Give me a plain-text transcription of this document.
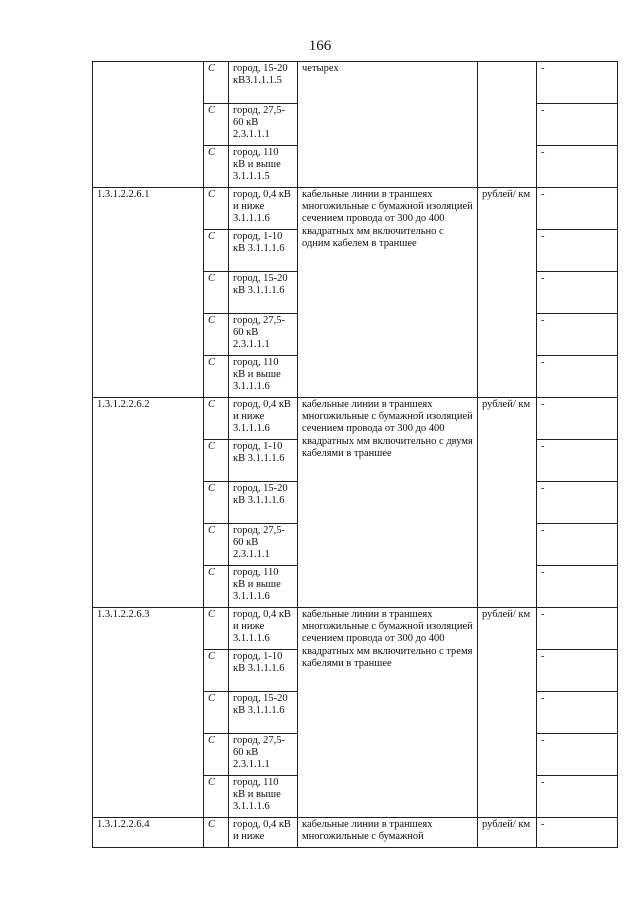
166
	С	город, 15-20 кВ3.1.1.1.5	четырех		-
	С	город, 27,5-60 кВ 2.3.1.1.1			-
	С	город, 110 кВ и выше 3.1.1.1.5			-
1.3.1.2.2.6.1	С	город, 0,4 кВ и ниже 3.1.1.1.6	кабельные линии в траншеях многожильные с бумажной изоляцией сечением провода от 300 до 400 квадратных мм включительно с одним кабелем в траншее	рублей/ км	-
	С	город, 1-10 кВ 3.1.1.1.6			-
	С	город, 15-20 кВ 3.1.1.1.6			-
	С	город, 27,5-60 кВ 2.3.1.1.1			-
	С	город, 110 кВ и выше 3.1.1.1.6			-
1.3.1.2.2.6.2	С	город, 0,4 кВ и ниже 3.1.1.1.6	кабельные линии в траншеях многожильные с бумажной изоляцией сечением провода от 300 до 400 квадратных мм включительно с двумя кабелями в траншее	рублей/ км	-
	С	город, 1-10 кВ 3.1.1.1.6			-
	С	город, 15-20 кВ 3.1.1.1.6			-
	С	город, 27,5-60 кВ 2.3.1.1.1			-
	С	город, 110 кВ и выше 3.1.1.1.6			-
1.3.1.2.2.6.3	С	город, 0,4 кВ и ниже 3.1.1.1.6	кабельные линии в траншеях многожильные с бумажной изоляцией сечением провода от 300 до 400 квадратных мм включительно с тремя кабелями в траншее	рублей/ км	-
	С	город, 1-10 кВ 3.1.1.1.6			-
	С	город, 15-20 кВ 3.1.1.1.6			-
	С	город, 27,5-60 кВ 2.3.1.1.1			-
	С	город, 110 кВ и выше 3.1.1.1.6			-
1.3.1.2.2.6.4	С	город, 0,4 кВ и ниже	кабельные линии в траншеях многожильные с бумажной	рублей/ км	-
